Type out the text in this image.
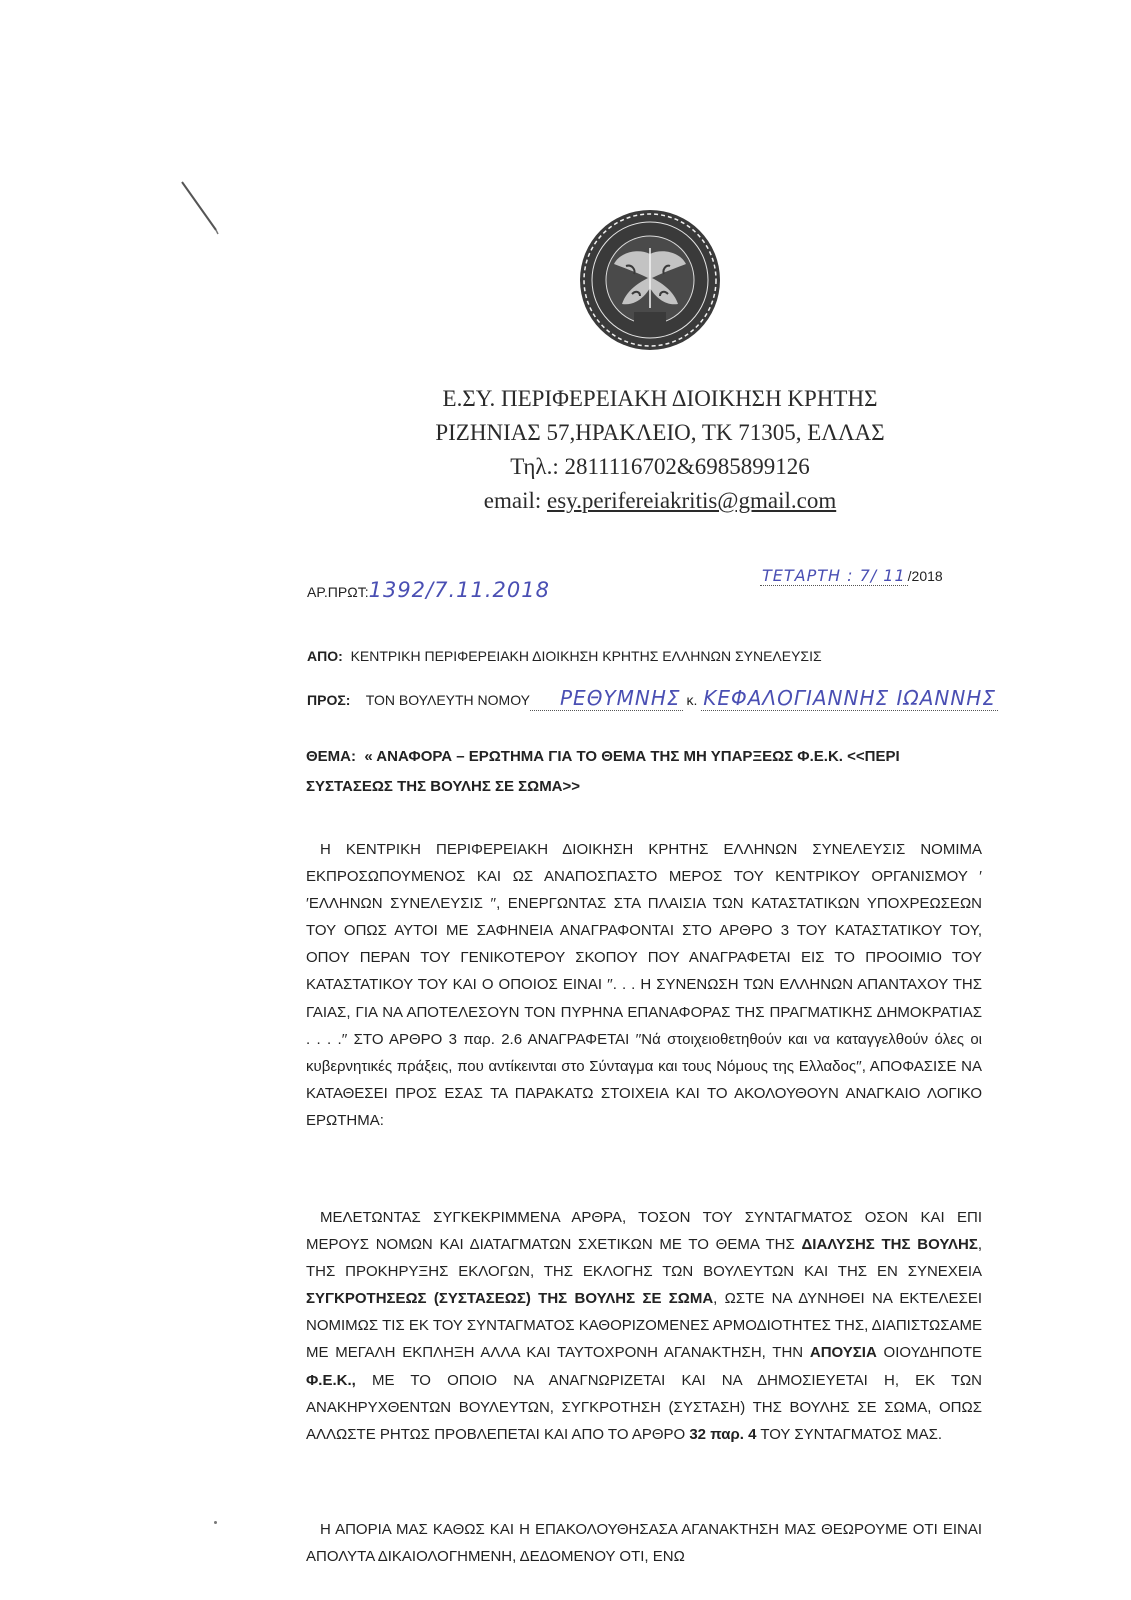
Ε.ΣΥ. ΠΕΡΙΦΕΡΕΙΑΚΗ ΔΙΟΙΚΗΣΗ ΚΡΗΤΗΣ
ΡΙΖΗΝΙΑΣ 57,ΗΡΑΚΛΕΙΟ, ΤΚ 71305, ΕΛΛΑΣ
Τηλ.: 2811116702&6985899126
email: esy.perifereiakritis@gmail.com
ΑΡ.ΠΡΩΤ:1392/7.11.2018
ΤΕΤΑΡΤΗ : 7/ 11 /2018
ΑΠΟ: ΚΕΝΤΡΙΚΗ ΠΕΡΙΦΕΡΕΙΑΚΗ ΔΙΟΙΚΗΣΗ ΚΡΗΤΗΣ ΕΛΛΗΝΩΝ ΣΥΝΕΛΕΥΣΙΣ
ΠΡΟΣ: ΤΟΝ ΒΟΥΛΕΥΤΗ ΝΟΜΟΥ ΡΕΘΥΜΝΗΣ κ. ΚΕΦΑΛΟΓΙΑΝΝΗΣ ΙΩΑΝΝΗΣ
ΘΕΜΑ: « ΑΝΑΦΟΡΑ – ΕΡΩΤΗΜΑ ΓΙΑ ΤΟ ΘΕΜΑ ΤΗΣ ΜΗ ΥΠΑΡΞΕΩΣ Φ.Ε.Κ. <<ΠΕΡΙ ΣΥΣΤΑΣΕΩΣ ΤΗΣ ΒΟΥΛΗΣ ΣΕ ΣΩΜΑ>>
Η ΚΕΝΤΡΙΚΗ ΠΕΡΙΦΕΡΕΙΑΚΗ ΔΙΟΙΚΗΣΗ ΚΡΗΤΗΣ ΕΛΛΗΝΩΝ ΣΥΝΕΛΕΥΣΙΣ ΝΟΜΙΜΑ ΕΚΠΡΟΣΩΠΟΥΜΕΝΟΣ ΚΑΙ ΩΣ ΑΝΑΠΟΣΠΑΣΤΟ ΜΕΡΟΣ ΤΟΥ ΚΕΝΤΡΙΚΟΥ ΟΡΓΑΝΙΣΜΟΥ ′′ΕΛΛΗΝΩΝ ΣΥΝΕΛΕΥΣΙΣ ′′, ΕΝΕΡΓΩΝΤΑΣ ΣΤΑ ΠΛΑΙΣΙΑ ΤΩΝ ΚΑΤΑΣΤΑΤΙΚΩΝ ΥΠΟΧΡΕΩΣΕΩΝ ΤΟΥ ΟΠΩΣ ΑΥΤΟΙ ΜΕ ΣΑΦΗΝΕΙΑ ΑΝΑΓΡΑΦΟΝΤΑΙ ΣΤΟ ΑΡΘΡΟ 3 ΤΟΥ ΚΑΤΑΣΤΑΤΙΚΟΥ ΤΟΥ, ΟΠΟΥ ΠΕΡΑΝ ΤΟΥ ΓΕΝΙΚΟΤΕΡΟΥ ΣΚΟΠΟΥ ΠΟΥ ΑΝΑΓΡΑΦΕΤΑΙ ΕΙΣ ΤΟ ΠΡΟΟΙΜΙΟ ΤΟΥ ΚΑΤΑΣΤΑΤΙΚΟΥ ΤΟΥ ΚΑΙ Ο ΟΠΟΙΟΣ ΕΙΝΑΙ ′′. . . Η ΣΥΝΕΝΩΣΗ ΤΩΝ ΕΛΛΗΝΩΝ ΑΠΑΝΤΑΧΟΥ ΤΗΣ ΓΑΙΑΣ, ΓΙΑ ΝΑ ΑΠΟΤΕΛΕΣΟΥΝ ΤΟΝ ΠΥΡΗΝΑ ΕΠΑΝΑΦΟΡΑΣ ΤΗΣ ΠΡΑΓΜΑΤΙΚΗΣ ΔΗΜΟΚΡΑΤΙΑΣ . . . .′′ ΣΤΟ ΑΡΘΡΟ 3 παρ. 2.6 ΑΝΑΓΡΑΦΕΤΑΙ ′′Νά στοιχειοθετηθούν και να καταγγελθούν όλες οι κυβερνητικές πράξεις, που αντίκεινται στο Σύνταγμα και τους Νόμους της Ελλαδος′′, ΑΠΟΦΑΣΙΣΕ ΝΑ ΚΑΤΑΘΕΣΕΙ ΠΡΟΣ ΕΣΑΣ ΤΑ ΠΑΡΑΚΑΤΩ ΣΤΟΙΧΕΙΑ ΚΑΙ ΤΟ ΑΚΟΛΟΥΘΟΥΝ ΑΝΑΓΚΑΙΟ ΛΟΓΙΚΟ ΕΡΩΤΗΜΑ:
ΜΕΛΕΤΩΝΤΑΣ ΣΥΓΚΕΚΡΙΜΜΕΝΑ ΑΡΘΡΑ, ΤΟΣΟΝ ΤΟΥ ΣΥΝΤΑΓΜΑΤΟΣ ΟΣΟΝ ΚΑΙ ΕΠΙ ΜΕΡΟΥΣ ΝΟΜΩΝ ΚΑΙ ΔΙΑΤΑΓΜΑΤΩΝ ΣΧΕΤΙΚΩΝ ΜΕ ΤΟ ΘΕΜΑ ΤΗΣ ΔΙΑΛΥΣΗΣ ΤΗΣ ΒΟΥΛΗΣ, ΤΗΣ ΠΡΟΚΗΡΥΞΗΣ ΕΚΛΟΓΩΝ, ΤΗΣ ΕΚΛΟΓΗΣ ΤΩΝ ΒΟΥΛΕΥΤΩΝ ΚΑΙ ΤΗΣ ΕΝ ΣΥΝΕΧΕΙΑ ΣΥΓΚΡΟΤΗΣΕΩΣ (ΣΥΣΤΑΣΕΩΣ) ΤΗΣ ΒΟΥΛΗΣ ΣΕ ΣΩΜΑ, ΩΣΤΕ ΝΑ ΔΥΝΗΘΕΙ ΝΑ ΕΚΤΕΛΕΣΕΙ ΝΟΜΙΜΩΣ ΤΙΣ ΕΚ ΤΟΥ ΣΥΝΤΑΓΜΑΤΟΣ ΚΑΘΟΡΙΖΟΜΕΝΕΣ ΑΡΜΟΔΙΟΤΗΤΕΣ ΤΗΣ, ΔΙΑΠΙΣΤΩΣΑΜΕ ΜΕ ΜΕΓΑΛΗ ΕΚΠΛΗΞΗ ΑΛΛΑ ΚΑΙ ΤΑΥΤΟΧΡΟΝΗ ΑΓΑΝΑΚΤΗΣΗ, ΤΗΝ ΑΠΟΥΣΙΑ ΟΙΟΥΔΗΠΟΤΕ Φ.Ε.Κ., ΜΕ ΤΟ ΟΠΟΙΟ ΝΑ ΑΝΑΓΝΩΡΙΖΕΤΑΙ ΚΑΙ ΝΑ ΔΗΜΟΣΙΕΥΕΤΑΙ Η, ΕΚ ΤΩΝ ΑΝΑΚΗΡΥΧΘΕΝΤΩΝ ΒΟΥΛΕΥΤΩΝ, ΣΥΓΚΡΟΤΗΣΗ (ΣΥΣΤΑΣΗ) ΤΗΣ ΒΟΥΛΗΣ ΣΕ ΣΩΜΑ, ΟΠΩΣ ΑΛΛΩΣΤΕ ΡΗΤΩΣ ΠΡΟΒΛΕΠΕΤΑΙ ΚΑΙ ΑΠΟ ΤΟ ΑΡΘΡΟ 32 παρ. 4 ΤΟΥ ΣΥΝΤΑΓΜΑΤΟΣ ΜΑΣ.
Η ΑΠΟΡΙΑ ΜΑΣ ΚΑΘΩΣ ΚΑΙ Η ΕΠΑΚΟΛΟΥΘΗΣΑΣΑ ΑΓΑΝΑΚΤΗΣΗ ΜΑΣ ΘΕΩΡΟΥΜΕ ΟΤΙ ΕΙΝΑΙ ΑΠΟΛΥΤΑ ΔΙΚΑΙΟΛΟΓΗΜΕΝΗ, ΔΕΔΟΜΕΝΟΥ ΟΤΙ, ΕΝΩ
